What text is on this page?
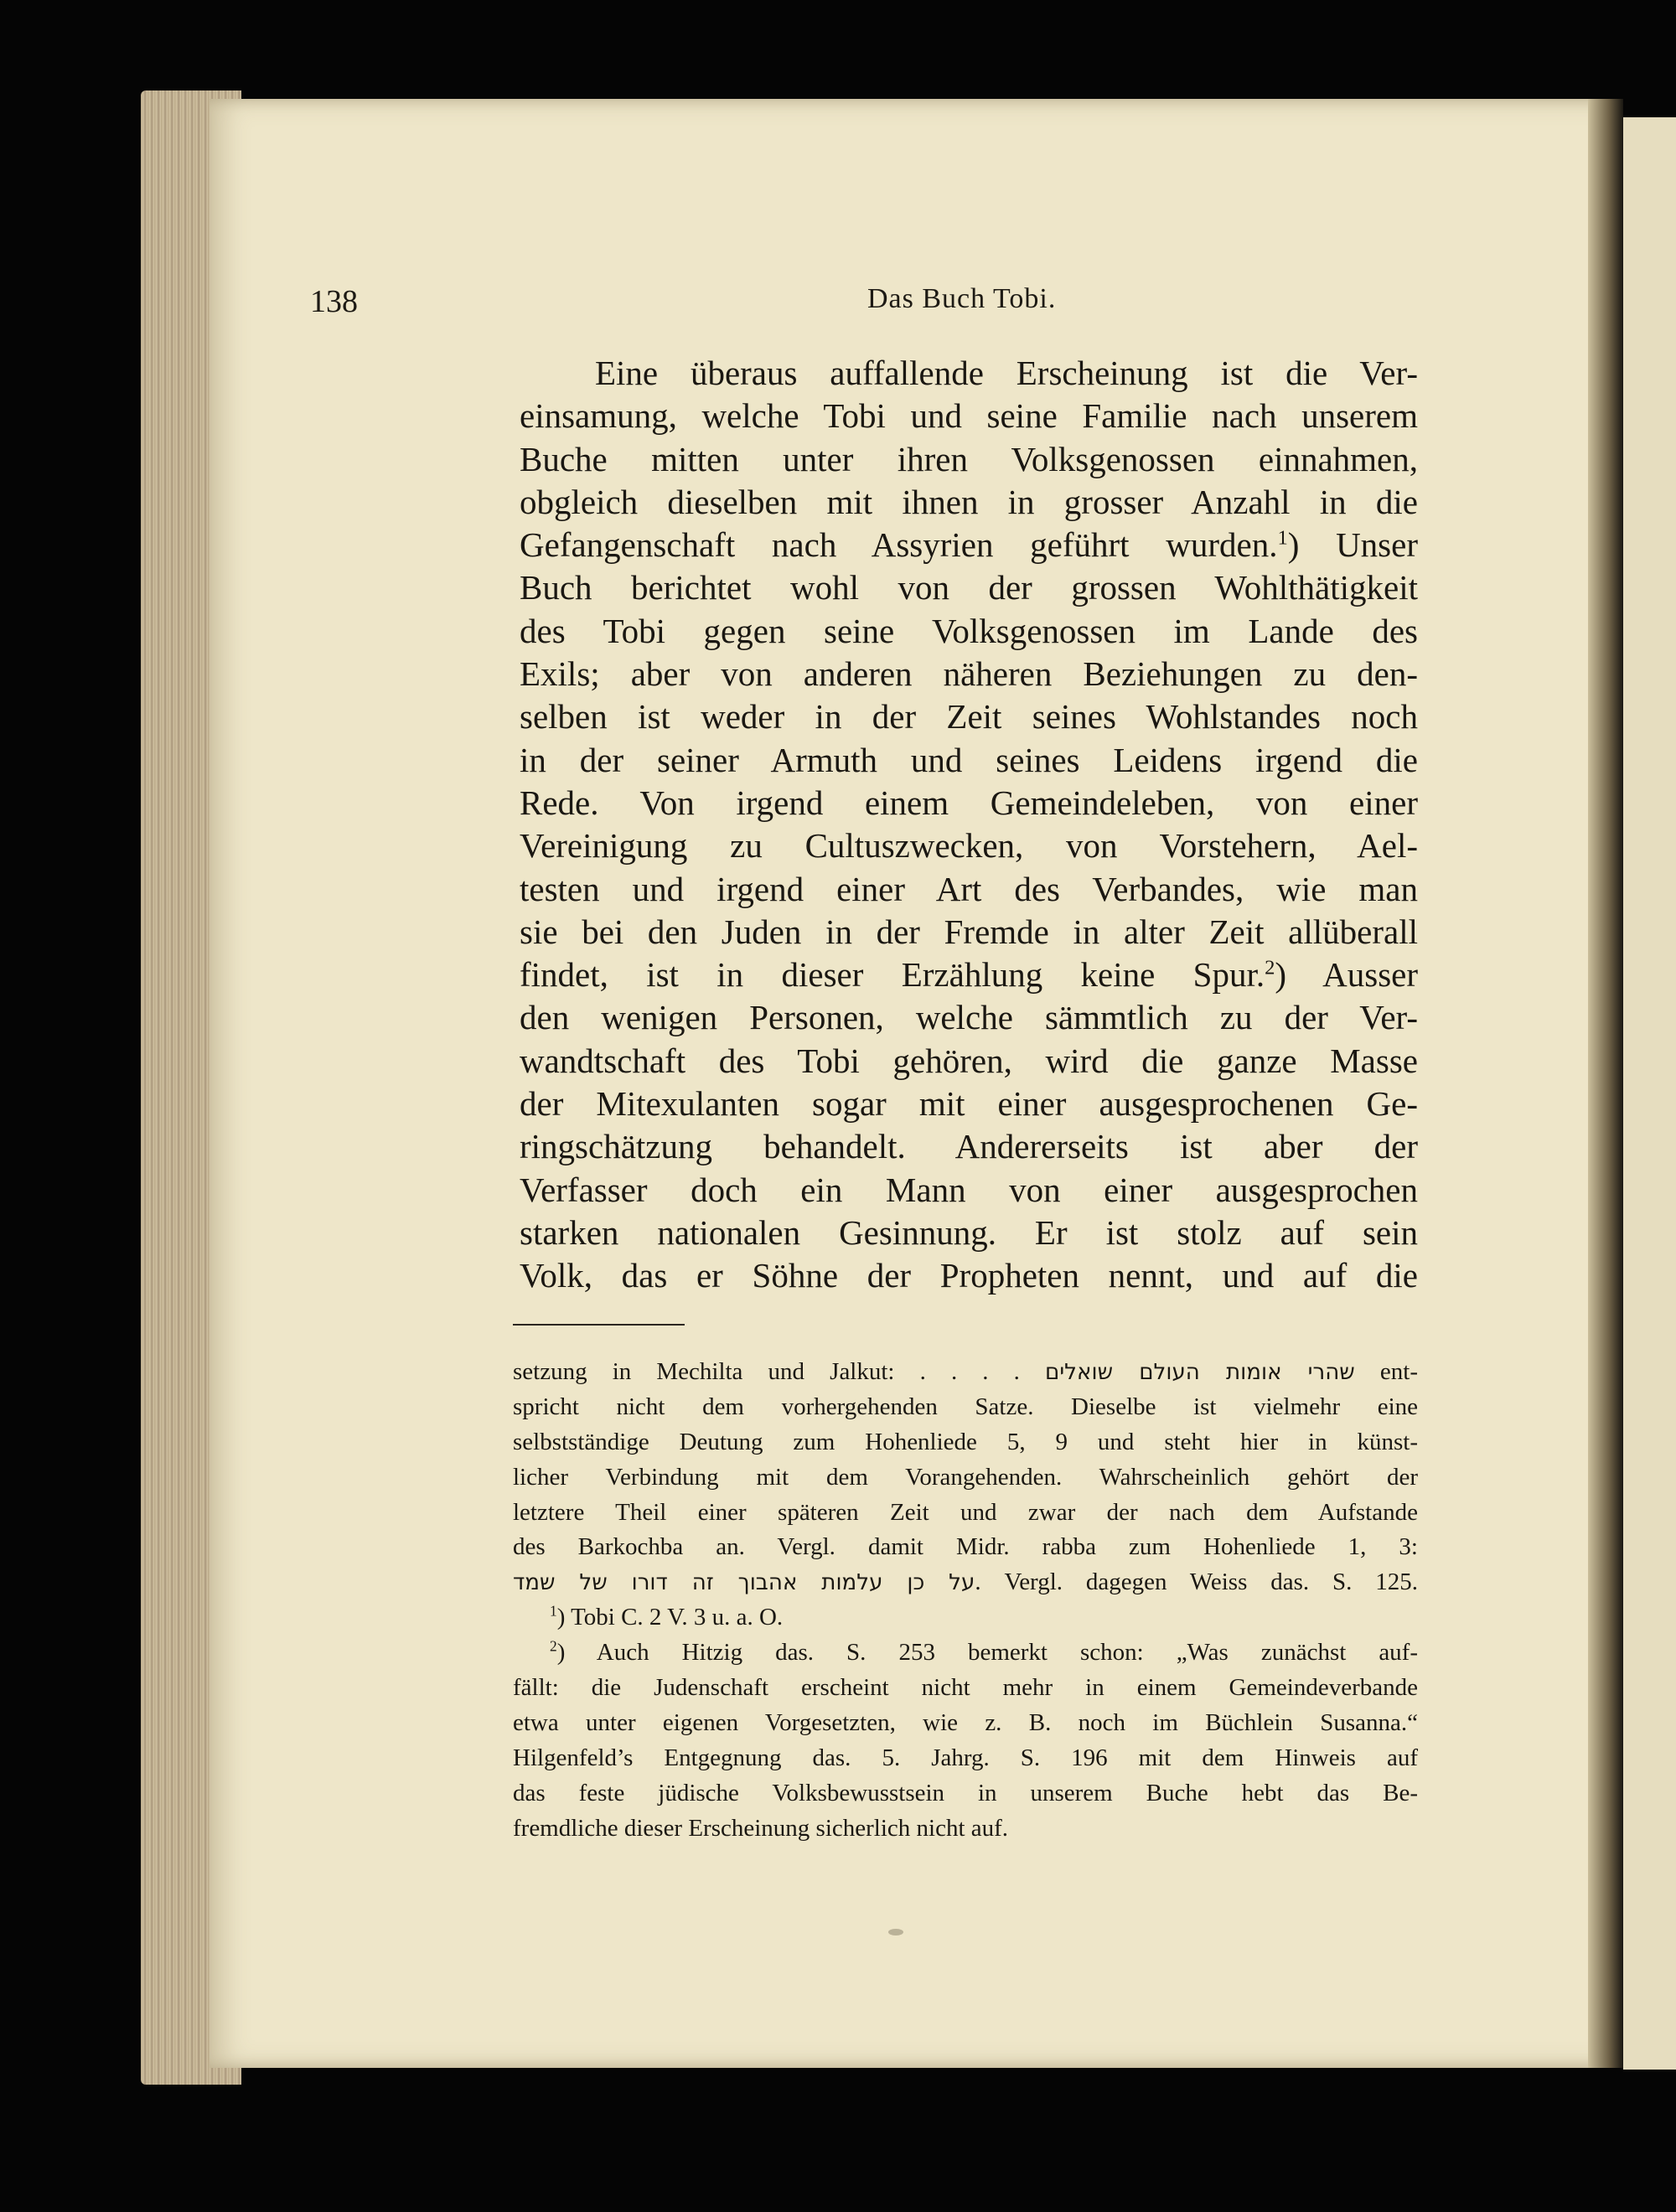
138	Das Buch Tobi.
Eine überaus auffallende Erscheinung ist die Ver-
einsamung, welche Tobi und seine Familie nach unserem
Buche mitten unter ihren Volksgenossen einnahmen,
obgleich dieselben mit ihnen in grosser Anzahl in die
Gefangenschaft nach Assyrien geführt wurden.$^1$) Unser
Buch berichtet wohl von der grossen Wohlthätigkeit
des Tobi gegen seine Volksgenossen im Lande des
Exils; aber von anderen näheren Beziehungen zu den-
selben ist weder in der Zeit seines Wohlstandes noch
in der seiner Armuth und seines Leidens irgend die
Rede. Von irgend einem Gemeindeleben, von einer
Vereinigung zu Cultuszwecken, von Vorstehern, Ael-
testen und irgend einer Art des Verbandes, wie man
sie bei den Juden in der Fremde in alter Zeit allüberall
findet, ist in dieser Erzählung keine Spur.$^2$) Ausser
den wenigen Personen, welche sämmtlich zu der Ver-
wandtschaft des Tobi gehören, wird die ganze Masse
der Mitexulanten sogar mit einer ausgesprochenen Ge-
ringschätzung behandelt. Andererseits ist aber der
Verfasser doch ein Mann von einer ausgesprochen
starken nationalen Gesinnung. Er ist stolz auf sein
Volk, das er Söhne der Propheten nennt, und auf die
setzung in Mechilta und Jalkut: . . . . שהרי אומות העולם שואלים ent-
spricht nicht dem vorhergehenden Satze. Dieselbe ist vielmehr eine
selbstständige Deutung zum Hohenliede 5, 9 und steht hier in künst-
licher Verbindung mit dem Vorangehenden. Wahrscheinlich gehört der
letztere Theil einer späteren Zeit und zwar der nach dem Aufstande
des Barkochba an. Vergl. damit Midr. rabba zum Hohenliede 1, 3:
על כן עלמות אהבוך זה דורו של שמד. Vergl. dagegen Weiss das. S. 125.
$^1$) Tobi C. 2 V. 3 u. a. O.
$^2$) Auch Hitzig das. S. 253 bemerkt schon: „Was zunächst auf-
fällt: die Judenschaft erscheint nicht mehr in einem Gemeindeverbande
etwa unter eigenen Vorgesetzten, wie z. B. noch im Büchlein Susanna.“
Hilgenfeld’s Entgegnung das. 5. Jahrg. S. 196 mit dem Hinweis auf
das feste jüdische Volksbewusstsein in unserem Buche hebt das Be-
fremdliche dieser Erscheinung sicherlich nicht auf.
